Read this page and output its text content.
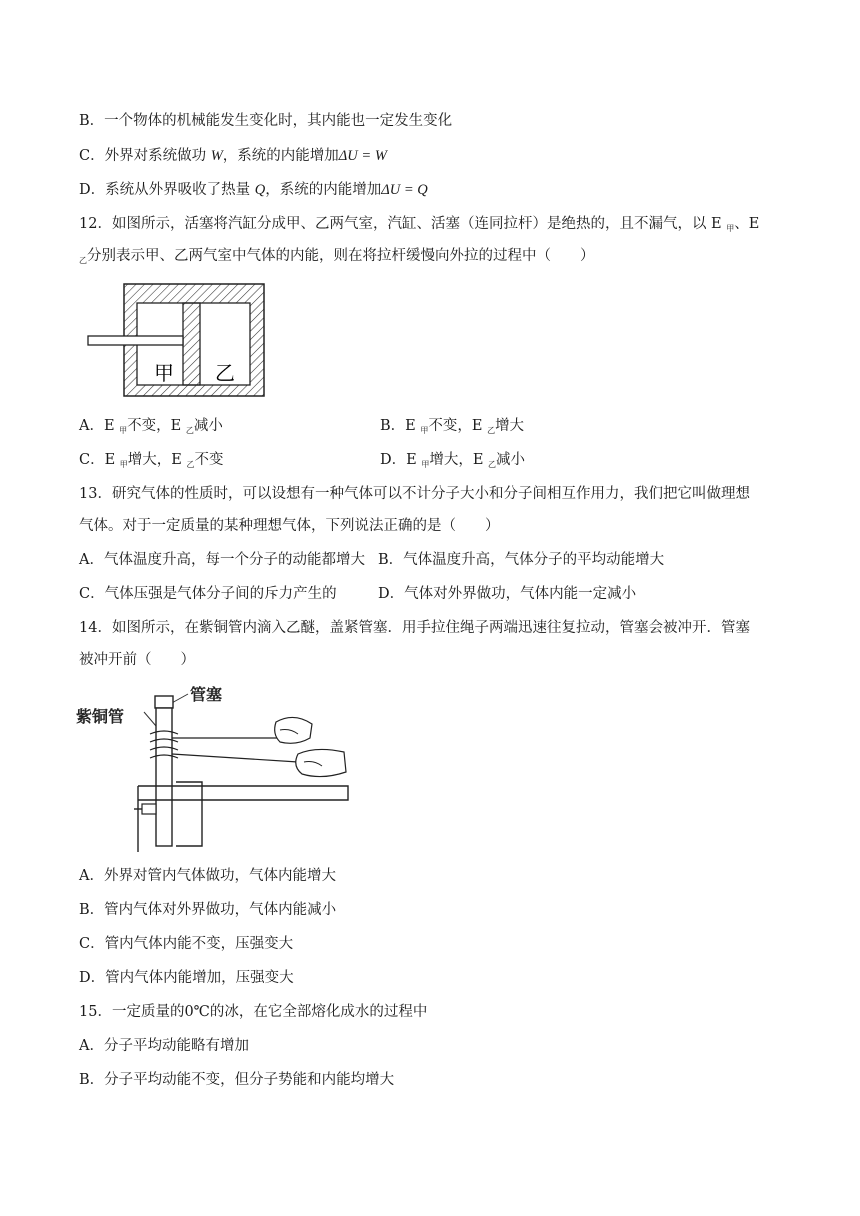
B．一个物体的机械能发生变化时，其内能也一定发生变化
C．外界对系统做功 W，系统的内能增加ΔU = W
D．系统从外界吸收了热量 Q，系统的内能增加ΔU = Q
12．如图所示，活塞将汽缸分成甲、乙两气室，汽缸、活塞（连同拉杆）是绝热的，且不漏气，以 E $_甲$、E
$_乙$分别表示甲、乙两气室中气体的内能，则在将拉杆缓慢向外拉的过程中（　　）
甲 乙
A．E $_甲$不变，E $_乙$减小	B．E $_甲$不变，E $_乙$增大
C．E $_甲$增大，E $_乙$不变	D．E $_甲$增大，E $_乙$减小
13．研究气体的性质时，可以设想有一种气体可以不计分子大小和分子间相互作用力，我们把它叫做理想
气体。对于一定质量的某种理想气体，下列说法正确的是（　　）
A．气体温度升高，每一个分子的动能都增大 B．气体温度升高，气体分子的平均动能增大
C．气体压强是气体分子间的斥力产生的	D．气体对外界做功，气体内能一定减小
14．如图所示，在紫铜管内滴入乙醚，盖紧管塞．用手拉住绳子两端迅速往复拉动，管塞会被冲开．管塞
被冲开前（　　）
紫铜管
管塞
A．外界对管内气体做功，气体内能增大
B．管内气体对外界做功，气体内能减小
C．管内气体内能不变，压强变大
D．管内气体内能增加，压强变大
15．一定质量的0℃的冰，在它全部熔化成水的过程中
A．分子平均动能略有增加
B．分子平均动能不变，但分子势能和内能均增大
